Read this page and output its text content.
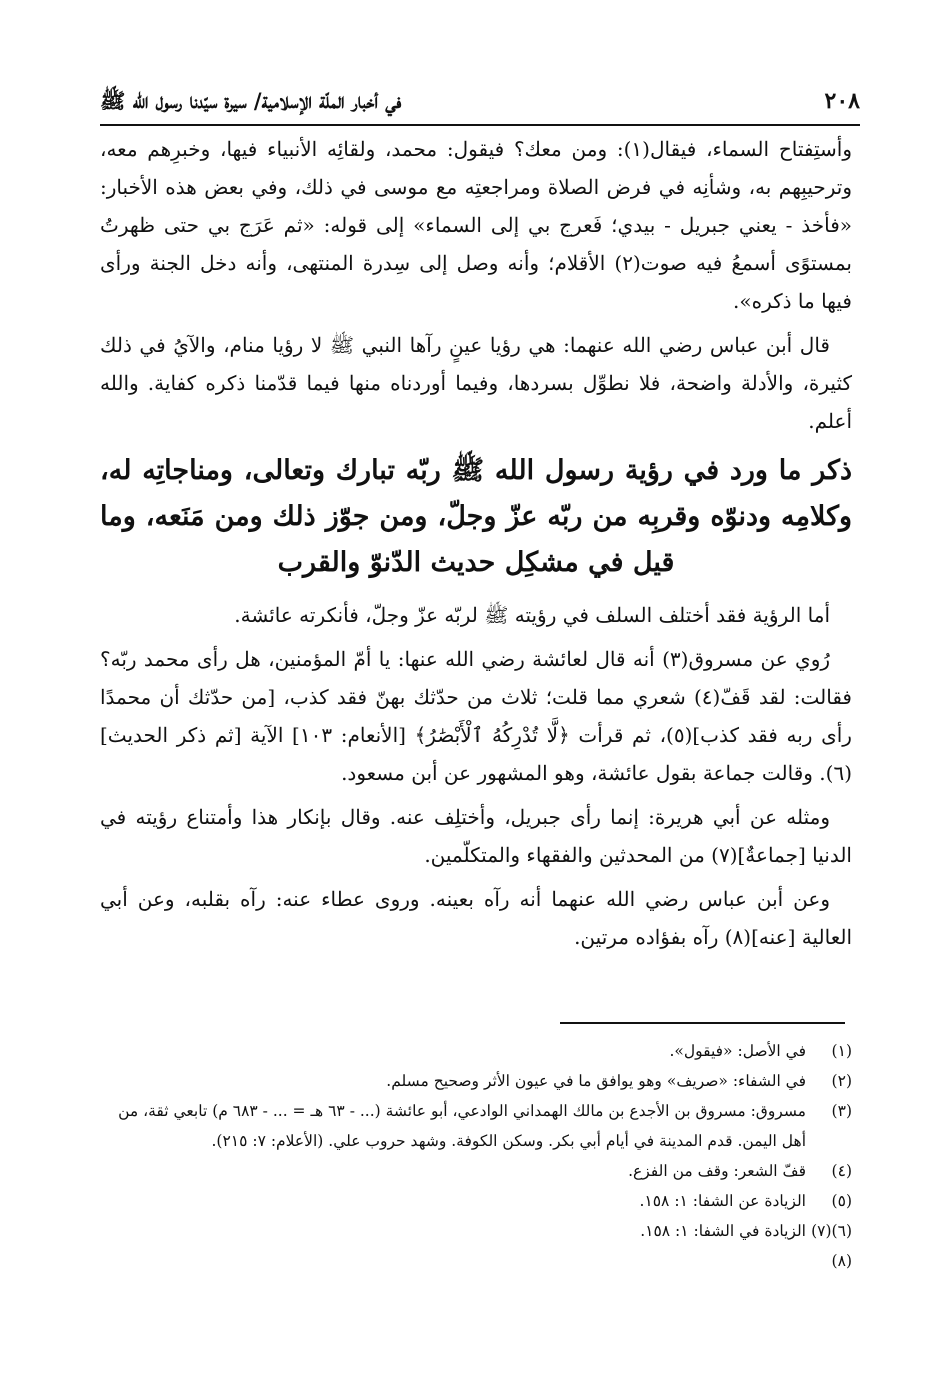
٢٠٨
في أخبار الملّة الإسلامية/ سيرة سيّدنا رسول الله ﷺ

وأستِفتاح السماء، فيقال(١): ومن معك؟ فيقول: محمد، ولقائِه الأنبياء فيها، وخبرِهم معه، وترحيبِهم به، وشأنِه في فرض الصلاة ومراجعتِه مع موسى في ذلك، وفي بعض هذه الأخبار: «فأخذ - يعني جبريل - بيدي؛ فَعرج بي إلى السماء» إلى قوله: «ثم عَرَج بي حتى ظهرتُ بمستوًى أسمعُ فيه صوت(٢) الأقلام؛ وأنه وصل إلى سِدرة المنتهى، وأنه دخل الجنة ورأى فيها ما ذكره».

قال أبن عباس رضي الله عنهما: هي رؤيا عينٍ رآها النبي ﷺ لا رؤيا منام، والآيُ في ذلك كثيرة، والأدلة واضحة، فلا نطوِّل بسردها، وفيما أوردناه منها فيما قدّمنا ذكره كفاية. والله أعلم.

ذكر ما ورد في رؤية رسول الله ﷺ ربّه تبارك وتعالى، ومناجاتِه له، وكلامِه ودنوّه وقربِه من ربّه عزّ وجلّ، ومن جوّز ذلك ومن مَنَعه، وما قيل في مشكِل حديث الدّنوّ والقرب

أما الرؤية فقد أختلف السلف في رؤيته ﷺ لربّه عزّ وجلّ، فأنكرته عائشة.

رُوي عن مسروق(٣) أنه قال لعائشة رضي الله عنها: يا أمّ المؤمنين، هل رأى محمد ربّه؟ فقالت: لقد قَفّ(٤) شعري مما قلت؛ ثلاث من حدّثك بهنّ فقد كذب، [من حدّثك أن محمدًا رأى ربه فقد كذب](٥)، ثم قرأت ﴿لَّا تُدْرِكُهُ ٱلْأَبْصَٰرُ﴾ [الأنعام: ١٠٣] الآية [ثم ذكر الحديث](٦). وقالت جماعة بقول عائشة، وهو المشهور عن أبن مسعود.

ومثله عن أبي هريرة: إنما رأى جبريل، وأختلِف عنه. وقال بإنكار هذا وأمتناع رؤيته في الدنيا [جماعةٌ](٧) من المحدثين والفقهاء والمتكلّمين.

وعن أبن عباس رضي الله عنهما أنه رآه بعينه. وروى عطاء عنه: رآه بقلبه، وعن أبي العالية [عنه](٨) رآه بفؤاده مرتين.

(١)
في الأصل: «فيقول».
(٢)
في الشفاء: «صريف» وهو يوافق ما في عيون الأثر وصحيح مسلم.
(٣)
مسروق: مسروق بن الأجدع بن مالك الهمداني الوادعي، أبو عائشة (... - ٦٣ هـ = ... - ٦٨٣ م) تابعي ثقة، من أهل اليمن. قدم المدينة في أيام أبي بكر. وسكن الكوفة. وشهد حروب علي. (الأعلام: ٧: ٢١٥).
(٤)
قفّ الشعر: وقف من الفزع.
(٥)
الزيادة عن الشفا: ١: ١٥٨.
(٦)(٧)(٨)
الزيادة في الشفا: ١: ١٥٨.
